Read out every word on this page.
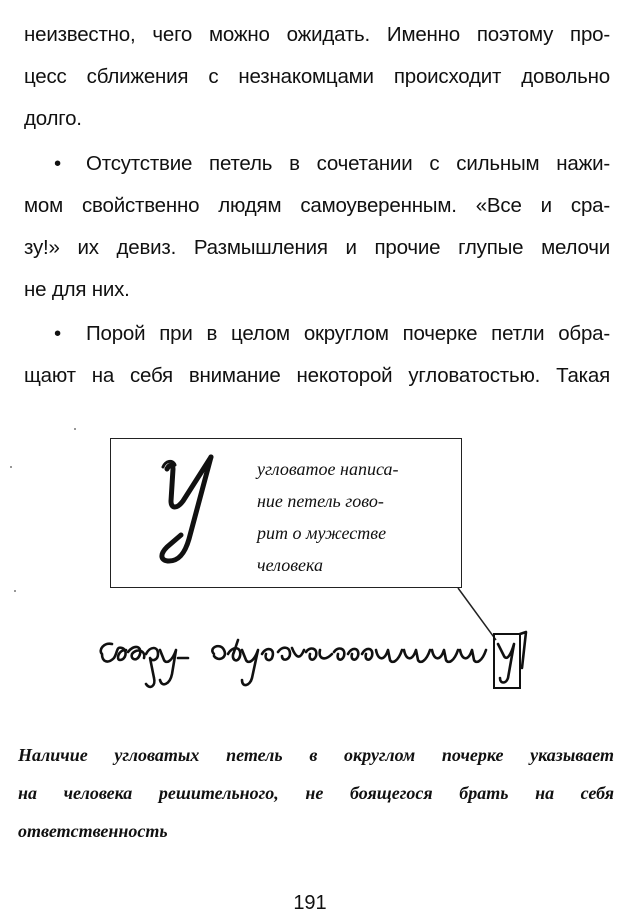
неизвестно, чего можно ожидать. Именно поэтому про-
цесс сближения с незнакомцами происходит довольно
долго.
• Отсутствие петель в сочетании с сильным нажи-
мом свойственно людям самоуверенным. «Все и сра-
зу!» их девиз. Размышления и прочие глупые мелочи
не для них.
• Порой при в целом округлом почерке петли обра-
щают на себя внимание некоторой угловатостью. Такая
угловатое написа-
ние петель гово-
рит о мужестве
человека
Наличие угловатых петель в округлом почерке указывает
на человека решительного, не боящегося брать на себя
ответственность
191
